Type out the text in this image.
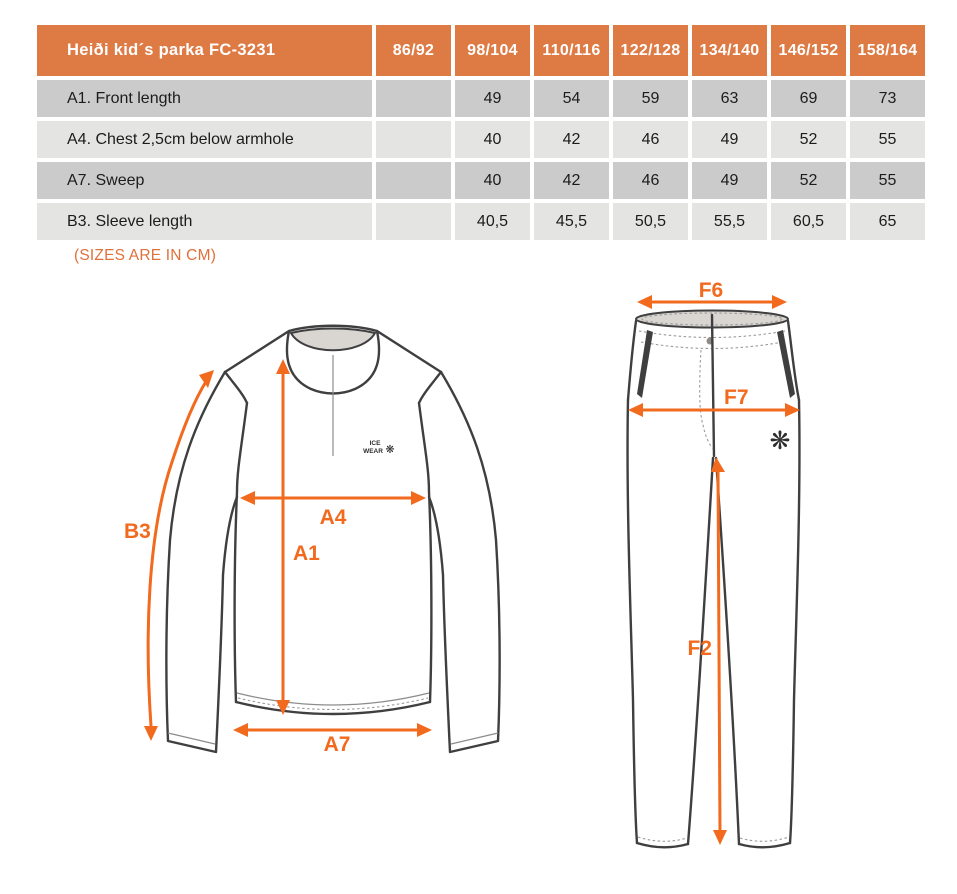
Heiði kid´s parka FC-3231	86/92	98/104	110/116	122/128	134/140	146/152	158/164
A1. Front length		49	54	59	63	69	73
A4. Chest 2,5cm below armhole		40	42	46	49	52	55
A7. Sweep		40	42	46	49	52	55
B3. Sleeve length		40,5	45,5	50,5	55,5	60,5	65
(SIZES ARE IN CM)
ICE
WEAR ❋
B3
A4
A1
A7
❋
F6
F7
F2
